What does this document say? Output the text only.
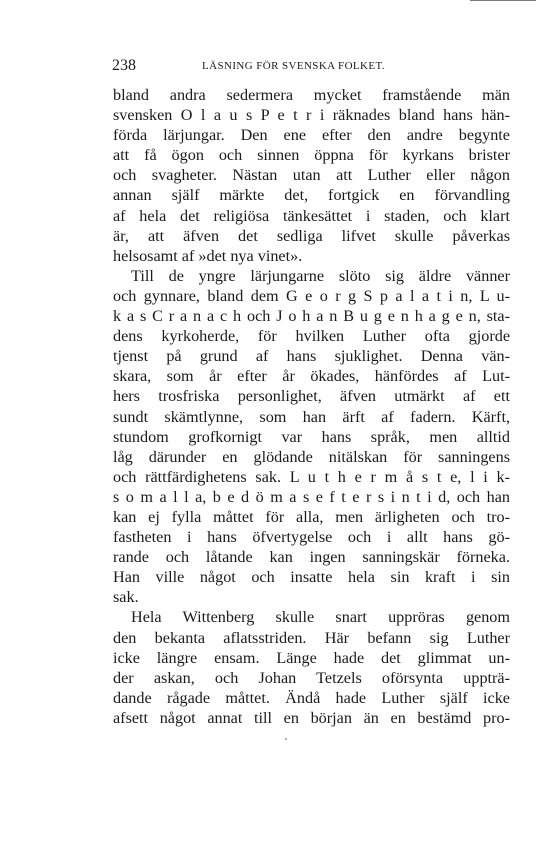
238	LÄSNING FÖR SVENSKA FOLKET.
bland andra sedermera mycket framstående män
svensken O l a u s P e t r i räknades bland hans hän-
förda lärjungar. Den ene efter den andre begynte
att få ögon och sinnen öppna för kyrkans brister
och svagheter. Nästan utan att Luther eller någon
annan själf märkte det, fortgick en förvandling
af hela det religiösa tänkesättet i staden, och klart
är, att äfven det sedliga lifvet skulle påverkas
helsosamt af »det nya vinet».
Till de yngre lärjungarne slöto sig äldre vänner
och gynnare, bland dem G e o r g S p a l a t i n, L u-
k a s C r a n a c h och J o h a n B u g e n h a g e n, sta-
dens kyrkoherde, för hvilken Luther ofta gjorde
tjenst på grund af hans sjuklighet. Denna vän-
skara, som år efter år ökades, hänfördes af Lut-
hers trosfriska personlighet, äfven utmärkt af ett
sundt skämtlynne, som han ärft af fadern. Kärft,
stundom grofkornigt var hans språk, men alltid
låg därunder en glödande nitälskan för sanningens
och rättfärdighetens sak. L u t h e r m å s t e, l i k-
s o m a l l a, b e d ö m a s e f t e r s i n t i d, och han
kan ej fylla måttet för alla, men ärligheten och tro-
fastheten i hans öfvertygelse och i allt hans gö-
rande och låtande kan ingen sanningskär förneka.
Han ville något och insatte hela sin kraft i sin
sak.
Hela Wittenberg skulle snart uppröras genom
den bekanta aflatsstriden. Här befann sig Luther
icke längre ensam. Länge hade det glimmat un-
der askan, och Johan Tetzels oförsynta uppträ-
dande rågade måttet. Ändå hade Luther själf icke
afsett något annat till en början än en bestämd pro-
